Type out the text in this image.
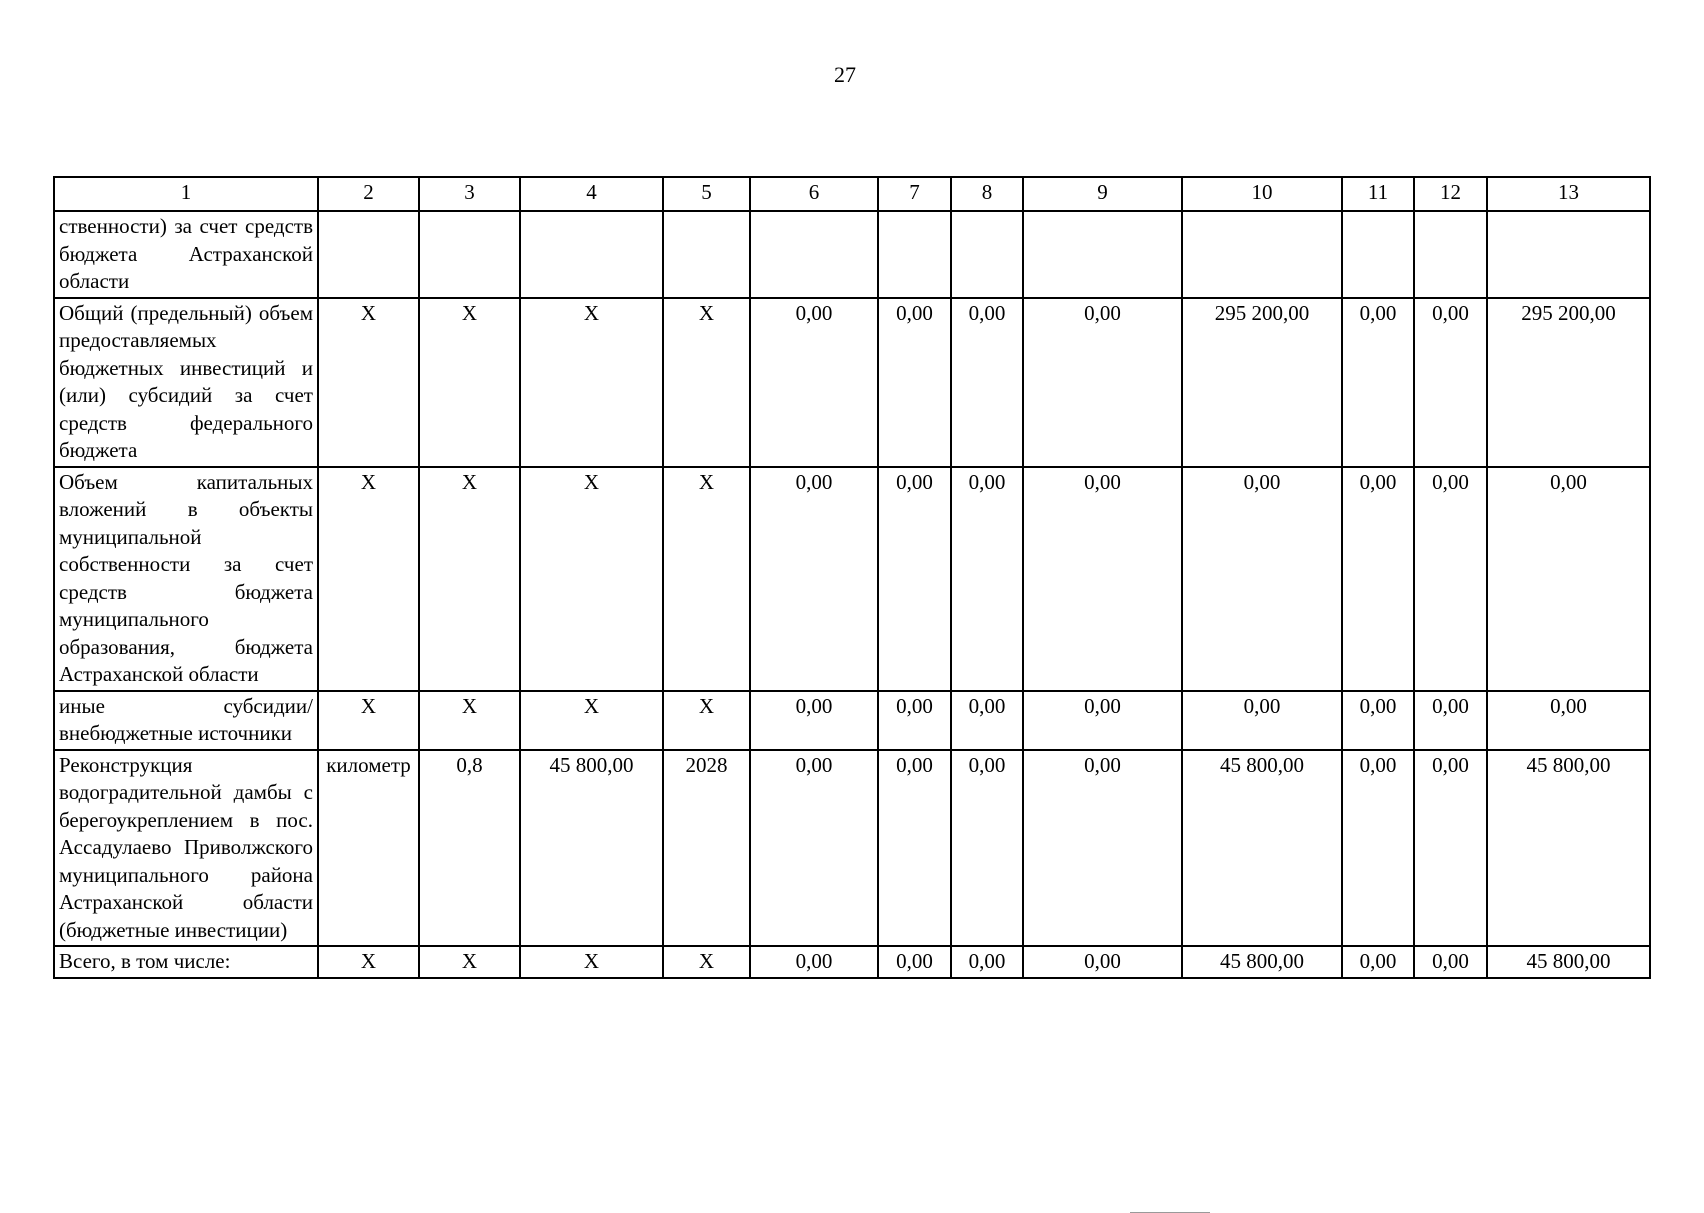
27
1	2	3	4	5	6	7	8	9	10	11	12	13
ственности) за счет средств бюджета Астраханской области												
Общий (предельный) объем предоставляемых бюджетных инвестиций и (или) субсидий за счет средств федерального бюджета	X	X	X	X	0,00	0,00	0,00	0,00	295 200,00	0,00	0,00	295 200,00
Объем капитальных вложений в объекты муниципальной собственности за счет средств бюджета муниципального образования, бюджета Астраханской области	X	X	X	X	0,00	0,00	0,00	0,00	0,00	0,00	0,00	0,00
иные субсидии/ внебюджетные источники	X	X	X	X	0,00	0,00	0,00	0,00	0,00	0,00	0,00	0,00
Реконструкция водоградительной дамбы с берегоукреплением в пос. Ассадулаево Приволжского муниципального района Астраханской области (бюджетные инвестиции)	километр	0,8	45 800,00	2028	0,00	0,00	0,00	0,00	45 800,00	0,00	0,00	45 800,00
Всего, в том числе:	X	X	X	X	0,00	0,00	0,00	0,00	45 800,00	0,00	0,00	45 800,00
